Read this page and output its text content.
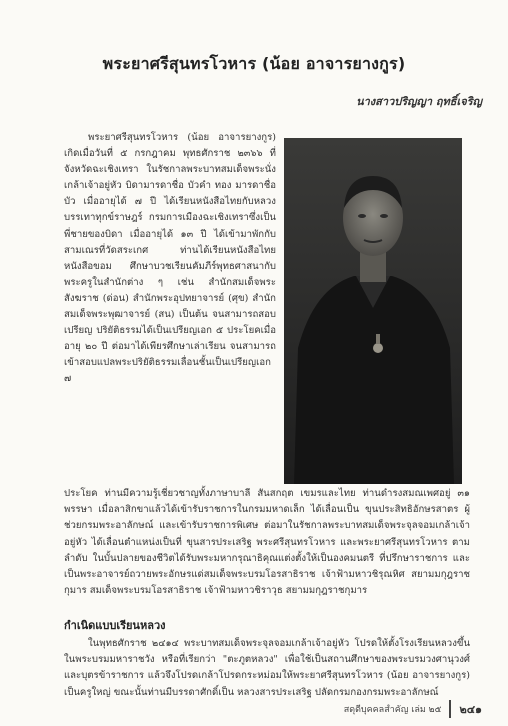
พระยาศรีสุนทรโวหาร (น้อย อาจารยางกูร)
นางสาวปริญญา ฤทธิ์เจริญ

พระยาศรีสุนทรโวหาร (น้อย อาจารยางกูร) เกิดเมื่อวันที่ ๕ กรกฎาคม พุทธศักราช ๒๓๖๖ ที่จังหวัดฉะเชิงเทรา ในรัชกาลพระบาทสมเด็จพระนั่งเกล้าเจ้าอยู่หัว บิดามารดาชื่อ บัวคำ ทอง มารดาชื่อ บัว เมื่ออายุได้ ๗ ปี ได้เรียนหนังสือไทยกับหลวงบรรเทาทุกข์ราษฎร์ กรมการเมืองฉะเชิงเทราซึ่งเป็นพี่ชายของบิดา เมื่ออายุได้ ๑๓ ปี ได้เข้ามาพักกับสามเณรที่วัดสระเกศ ท่านได้เรียนหนังสือไทย หนังสือขอม ศึกษาบวชเรียนคัมภีร์พุทธศาสนากับพระครูในสำนักต่าง ๆ เช่น สำนักสมเด็จพระสังฆราช (ด่อน) สำนักพระอุปทยาจารย์ (ศุข) สำนักสมเด็จพระพุฒาจารย์ (สน) เป็นต้น จนสามารถสอบเปรียญ ปริยัติธรรมได้เป็นเปรียญเอก ๕ ประโยคเมื่ออายุ ๒๐ ปี ต่อมาได้เพียรศึกษาเล่าเรียน จนสามารถเข้าสอบแปลพระปริยัติธรรมเลื่อนชั้นเป็นเปรียญเอก ๗

ประโยค ท่านมีความรู้เชี่ยวชาญทั้งภาษาบาลี สันสกฤต เขมรและไทย ท่านดำรงสมณเพศอยู่ ๓๑ พรรษา เมื่อลาสิกขาแล้วได้เข้ารับราชการในกรมมหาดเล็ก ได้เลื่อนเป็น ขุนประสิทธิอักษรสาตร ผู้ช่วยกรมพระอาลักษณ์ และเข้ารับราชการพิเศษ ต่อมาในรัชกาลพระบาทสมเด็จพระจุลจอมเกล้าเจ้าอยู่หัว ได้เลื่อนตำแหน่งเป็นที่ ขุนสารประเสริฐ พระศรีสุนทรโวหาร และพระยาศรีสุนทรโวหาร ตามลำดับ ในบั้นปลายของชีวิตได้รับพระมหากรุณาธิคุณแต่งตั้งให้เป็นองคมนตรี ที่ปรึกษาราชการ และเป็นพระอาจารย์ถวายพระอักษรแด่สมเด็จพระบรมโอรสาธิราช เจ้าฟ้ามหาวชิรุณหิศ สยามมกุฎราชกุมาร สมเด็จพระบรมโอรสาธิราช เจ้าฟ้ามหาวชิราวุธ สยามมกุฎราชกุมาร

กำเนิดแบบเรียนหลวง

ในพุทธศักราช ๒๔๑๔ พระบาทสมเด็จพระจุลจอมเกล้าเจ้าอยู่หัว โปรดให้ตั้งโรงเรียนหลวงขึ้นในพระบรมมหาราชวัง หรือที่เรียกว่า "ตะภูตหลวง" เพื่อใช้เป็นสถานศึกษาของพระบรมวงศานุวงศ์และบุตรข้าราชการ แล้วจึงโปรดเกล้าโปรดกระหม่อมให้พระยาศรีสุนทรโวหาร (น้อย อาจารยางกูร) เป็นครูใหญ่ ขณะนั้นท่านมีบรรดาศักดิ์เป็น หลวงสารประเสริฐ ปลัดกรมกองกรมพระอาลักษณ์

สดุดีบุคคลสำคัญ เล่ม ๒๕ ๒๔๑
